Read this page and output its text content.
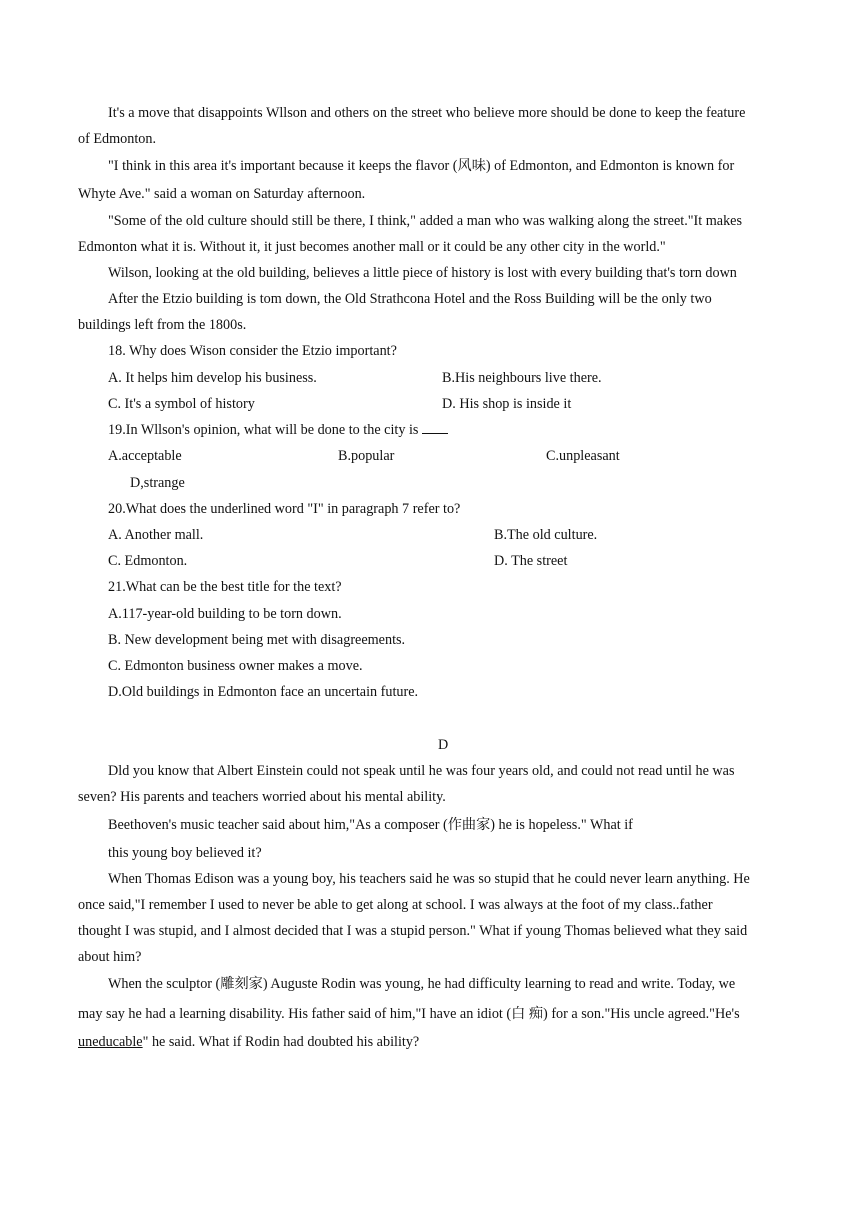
It's a move that disappoints Wllson and others on the street who believe more should be done to keep the feature
of Edmonton.
"I think in this area it's important because it keeps the flavor (风味) of Edmonton, and Edmonton is known for
Whyte Ave." said a woman on Saturday afternoon.
"Some of the old culture should still be there, I think," added a man who was walking along the street."It makes
Edmonton what it is. Without it, it just becomes another mall or it could be any other city in the world."
Wilson, looking at the old building, believes a little piece of history is lost with every building that's torn down
After the Etzio building is tom down, the Old Strathcona Hotel and the Ross Building will be the only two
buildings left from the 1800s.
18. Why does Wison consider the Etzio important?
A. It helps him develop his business.	B.His neighbours live there.
C. It's a symbol of history	D. His shop is inside it
19.In Wllson's opinion, what will be done to the city is
A.acceptable	B.popular	C.unpleasant
D,strange
20.What does the underlined word "I" in paragraph 7 refer to?
A. Another mall.	B.The old culture.
C. Edmonton.	D. The street
21.What can be the best title for the text?
A.117-year-old building to be torn down.
B. New development being met with disagreements.
C. Edmonton business owner makes a move.
D.Old buildings in Edmonton face an uncertain future.
D
Dld you know that Albert Einstein could not speak until he was four years old, and could not read until he was
seven? His parents and teachers worried about his mental ability.
Beethoven's music teacher said about him,"As a composer (作曲家) he is hopeless." What if
this young boy believed it?
When Thomas Edison was a young boy, his teachers said he was so stupid that he could never learn anything. He
once said,"I remember I used to never be able to get along at school. I was always at the foot of my class..father
thought I was stupid, and I almost decided that I was a stupid person." What if young Thomas believed what they said
about him?
When the sculptor (雕刻家) Auguste Rodin was young, he had difficulty learning to read and write. Today, we
may say he had a learning disability. His father said of him,"I have an idiot (白 痴) for a son."His uncle agreed."He's
uneducable" he said. What if Rodin had doubted his ability?
